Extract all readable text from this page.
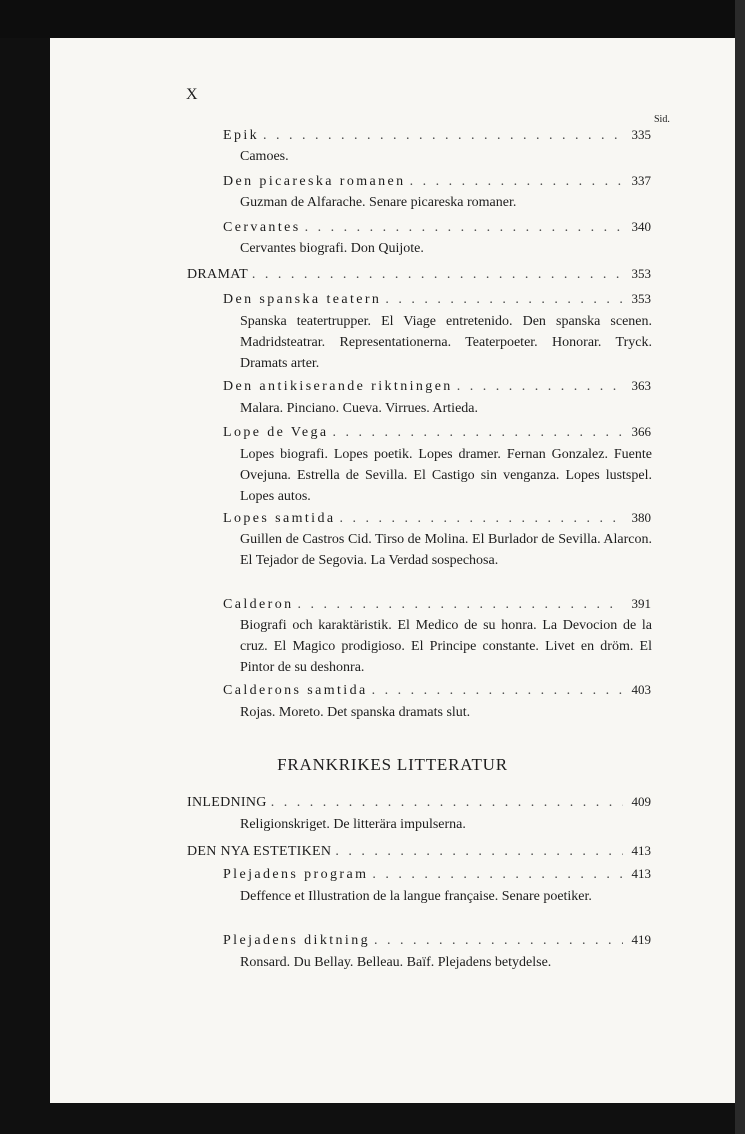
X
Sid.
Epik . . .	335
Camoes.
Den picareska romanen . . .	337
Guzman de Alfarache. Senare picareska romaner.
Cervantes . . .	340
Cervantes biografi. Don Quijote.
DRAMAT . . .	353
Den spanska teatern . . .	353
Spanska teatertrupper. El Viage entretenido. Den spanska scenen. Madridsteatrar. Representationerna. Teaterpoeter. Honorar. Tryck. Dramats arter.
Den antikiserande riktningen . . .	363
Malara. Pinciano. Cueva. Virrues. Artieda.
Lope de Vega . . .	366
Lopes biografi. Lopes poetik. Lopes dramer. Fernan Gonzalez. Fuente Ovejuna. Estrella de Sevilla. El Castigo sin venganza. Lopes lustspel. Lopes autos.
Lopes samtida . . .	380
Guillen de Castros Cid. Tirso de Molina. El Burlador de Sevilla. Alarcon. El Tejador de Segovia. La Verdad sospechosa.
Calderon . . .	391
Biografi och karaktäristik. El Medico de su honra. La Devocion de la cruz. El Magico prodigioso. El Principe constante. Livet en dröm. El Pintor de su deshonra.
Calderons samtida . . .	403
Rojas. Moreto. Det spanska dramats slut.
FRANKRIKES LITTERATUR
INLEDNING . . .	409
Religionskriget. De litterära impulserna.
DEN NYA ESTETIKEN . . .	413
Plejadens program . . .	413
Deffence et Illustration de la langue française. Senare poetiker.
Plejadens diktning . . .	419
Ronsard. Du Bellay. Belleau. Baïf. Plejadens betydelse.
